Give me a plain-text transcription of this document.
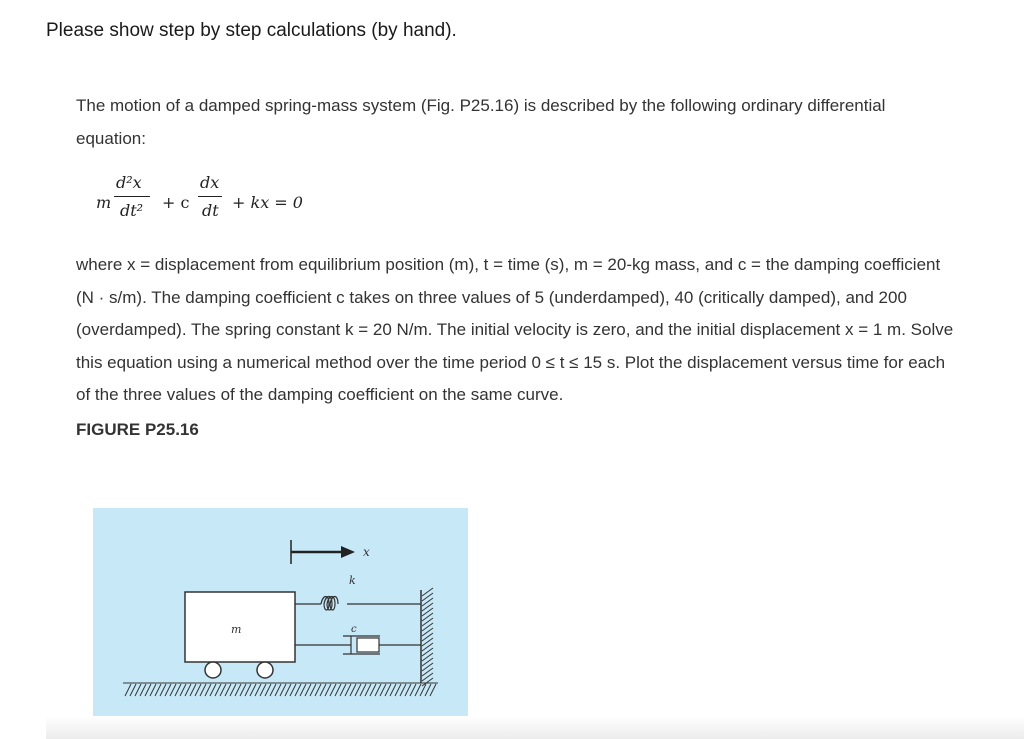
Please show step by step calculations (by hand).

The motion of a damped spring-mass system (Fig. P25.16) is described by the following ordinary differential equation:

m
d²x
dt² + c
dx
dt + kx = 0

where x = displacement from equilibrium position (m), t = time (s), m = 20-kg mass, and c = the damping coefficient (N · s/m). The damping coefficient c takes on three values of 5 (underdamped), 40 (critically damped), and 200 (overdamped). The spring constant k = 20 N/m. The initial velocity is zero, and the initial displacement x = 1 m. Solve this equation using a numerical method over the time period 0 ≤ t ≤ 15 s. Plot the displacement versus time for each of the three values of the damping coefficient on the same curve.

FIGURE P25.16
m
k
c
x
